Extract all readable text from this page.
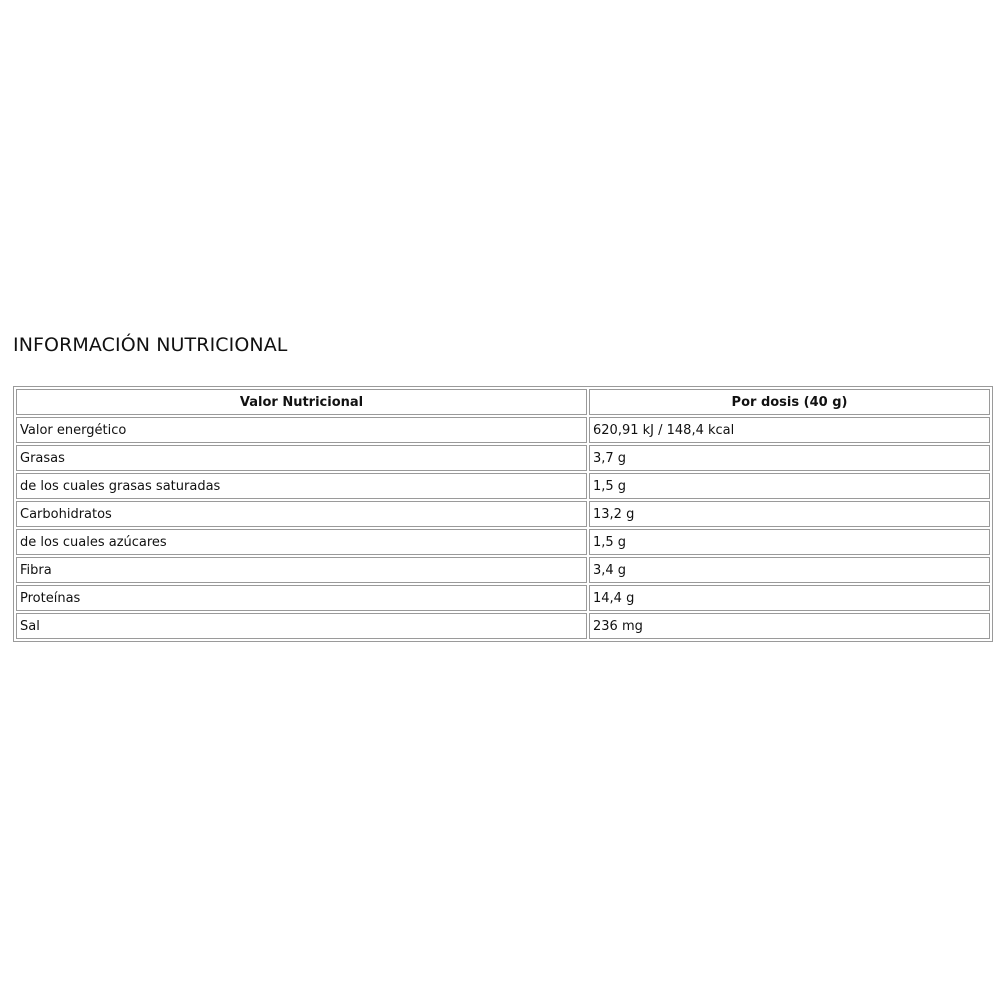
INFORMACIÓN NUTRICIONAL
Valor Nutricional	Por dosis (40 g)
Valor energético	620,91 kJ / 148,4 kcal
Grasas	3,7 g
de los cuales grasas saturadas	1,5 g
Carbohidratos	13,2 g
de los cuales azúcares	1,5 g
Fibra	3,4 g
Proteínas	14,4 g
Sal	236 mg
